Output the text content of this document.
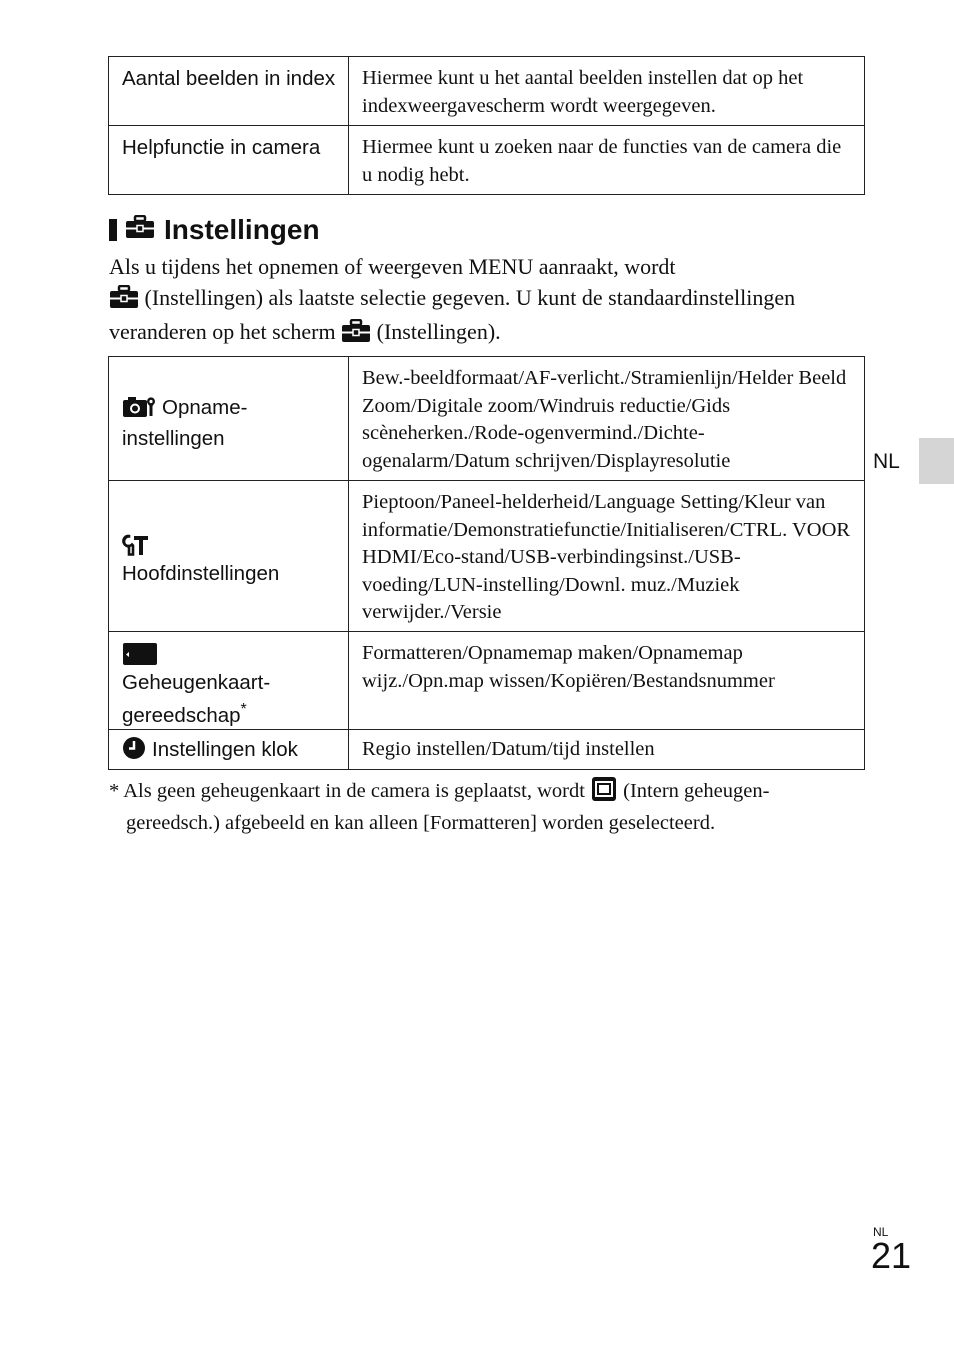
Aantal beelden in index	Hiermee kunt u het aantal beelden instellen dat op het indexweergavescherm wordt weergegeven.
Helpfunctie in camera	Hiermee kunt u zoeken naar de functies van de camera die u nodig hebt.
Instellingen
Als u tijdens het opnemen of weergeven MENU aanraakt, wordt
(Instellingen) als laatste selectie gegeven. U kunt de standaardinstellingen veranderen op het scherm (Instellingen).
Opname-
instellingen	Bew.-beeldformaat/AF-verlicht./Stramienlijn/Helder Beeld Zoom/Digitale zoom/Windruis reductie/Gids scèneherken./Rode-ogenvermind./Dichte-ogenalarm/Datum schrijven/Displayresolutie

Hoofdinstellingen	Pieptoon/Paneel-helderheid/Language Setting/Kleur van informatie/Demonstratiefunctie/Initialiseren/CTRL. VOOR HDMI/Eco-stand/USB-verbindingsinst./USB-voeding/LUN-instelling/Downl. muz./Muziek verwijder./Versie

Geheugenkaart-
gereedschap*	Formatteren/Opnamemap maken/Opnamemap wijz./Opn.map wissen/Kopiëren/Bestandsnummer
Instellingen klok	Regio instellen/Datum/tijd instellen
* Als geen geheugenkaart in de camera is geplaatst, wordt (Intern geheugen-
gereedsch.) afgebeeld en kan alleen [Formatteren] worden geselecteerd.
NL
NL
21
